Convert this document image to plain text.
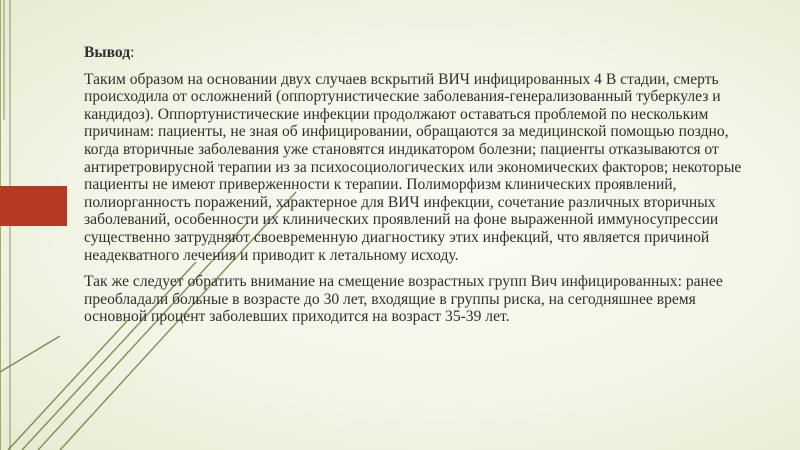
Вывод:

Таким образом на основании двух случаев вскрытий ВИЧ инфицированных 4 В стадии, смерть происходила от осложнений (оппортунистические заболевания-генерализованный туберкулез и кандидоз). Оппортунистические инфекции продолжают оставаться проблемой по нескольким причинам: пациенты, не зная об инфицировании, обращаются за медицинской помощью поздно, когда вторичные заболевания уже становятся индикатором болезни; пациенты отказываются от антиретровирусной терапии из за психосоциологических или экономических факторов; некоторые пациенты не имеют приверженности к терапии. Полиморфизм клинических проявлений, полиорганность поражений, характерное для ВИЧ инфекции, сочетание различных вторичных заболеваний, особенности их клинических проявлений на фоне выраженной иммуносупрессии существенно затрудняют своевременную диагностику этих инфекций, что является причиной неадекватного лечения и приводит к летальному исходу.

Так же следует обратить внимание на смещение возрастных групп Вич инфицированных: ранее преобладали больные в возрасте до 30 лет, входящие в группы риска, на сегодняшнее время основной процент заболевших приходится на возраст 35-39 лет.
